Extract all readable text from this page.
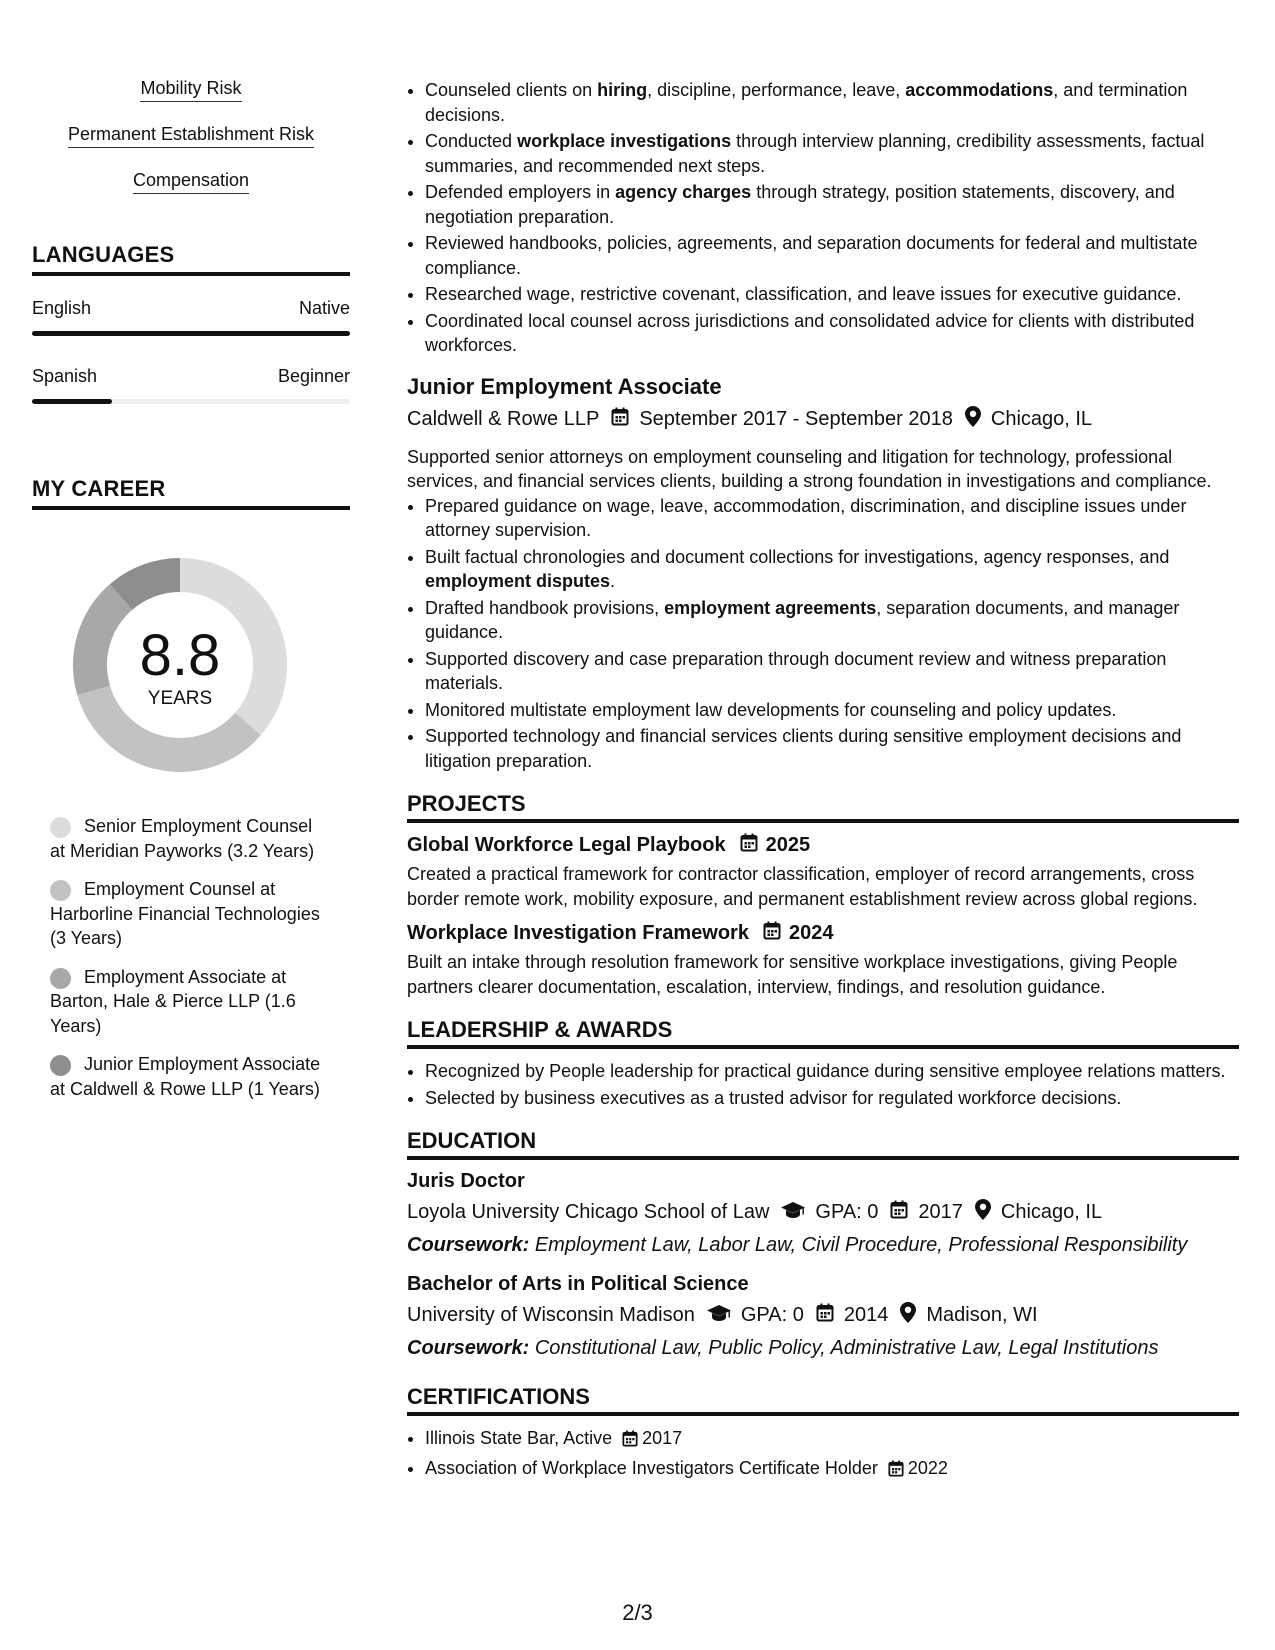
Mobility Risk
Permanent Establishment Risk
Compensation
LANGUAGES
English	Native
Spanish	Beginner
MY CAREER
8.8
YEARS
Senior Employment Counsel at Meridian Payworks (3.2 Years)
Employment Counsel at Harborline Financial Technologies (3 Years)
Employment Associate at Barton, Hale & Pierce LLP (1.6 Years)
Junior Employment Associate at Caldwell & Rowe LLP (1 Years)
• Counseled clients on hiring, discipline, performance, leave, accommodations, and termination decisions.
• Conducted workplace investigations through interview planning, credibility assessments, factual summaries, and recommended next steps.
• Defended employers in agency charges through strategy, position statements, discovery, and negotiation preparation.
• Reviewed handbooks, policies, agreements, and separation documents for federal and multistate compliance.
• Researched wage, restrictive covenant, classification, and leave issues for executive guidance.
• Coordinated local counsel across jurisdictions and consolidated advice for clients with distributed workforces.
Junior Employment Associate
Caldwell & Rowe LLP September 2017 - September 2018 Chicago, IL
Supported senior attorneys on employment counseling and litigation for technology, professional services, and financial services clients, building a strong foundation in investigations and compliance.
• Prepared guidance on wage, leave, accommodation, discrimination, and discipline issues under attorney supervision.
• Built factual chronologies and document collections for investigations, agency responses, and employment disputes.
• Drafted handbook provisions, employment agreements, separation documents, and manager guidance.
• Supported discovery and case preparation through document review and witness preparation materials.
• Monitored multistate employment law developments for counseling and policy updates.
• Supported technology and financial services clients during sensitive employment decisions and litigation preparation.
PROJECTS
Global Workforce Legal Playbook 2025
Created a practical framework for contractor classification, employer of record arrangements, cross border remote work, mobility exposure, and permanent establishment review across global regions.
Workplace Investigation Framework 2024
Built an intake through resolution framework for sensitive workplace investigations, giving People partners clearer documentation, escalation, interview, findings, and resolution guidance.
LEADERSHIP & AWARDS
• Recognized by People leadership for practical guidance during sensitive employee relations matters.
• Selected by business executives as a trusted advisor for regulated workforce decisions.
EDUCATION
Juris Doctor
Loyola University Chicago School of Law GPA: 0 2017 Chicago, IL
Coursework: Employment Law, Labor Law, Civil Procedure, Professional Responsibility
Bachelor of Arts in Political Science
University of Wisconsin Madison GPA: 0 2014 Madison, WI
Coursework: Constitutional Law, Public Policy, Administrative Law, Legal Institutions
CERTIFICATIONS
• Illinois State Bar, Active 2017
• Association of Workplace Investigators Certificate Holder 2022
2/3
